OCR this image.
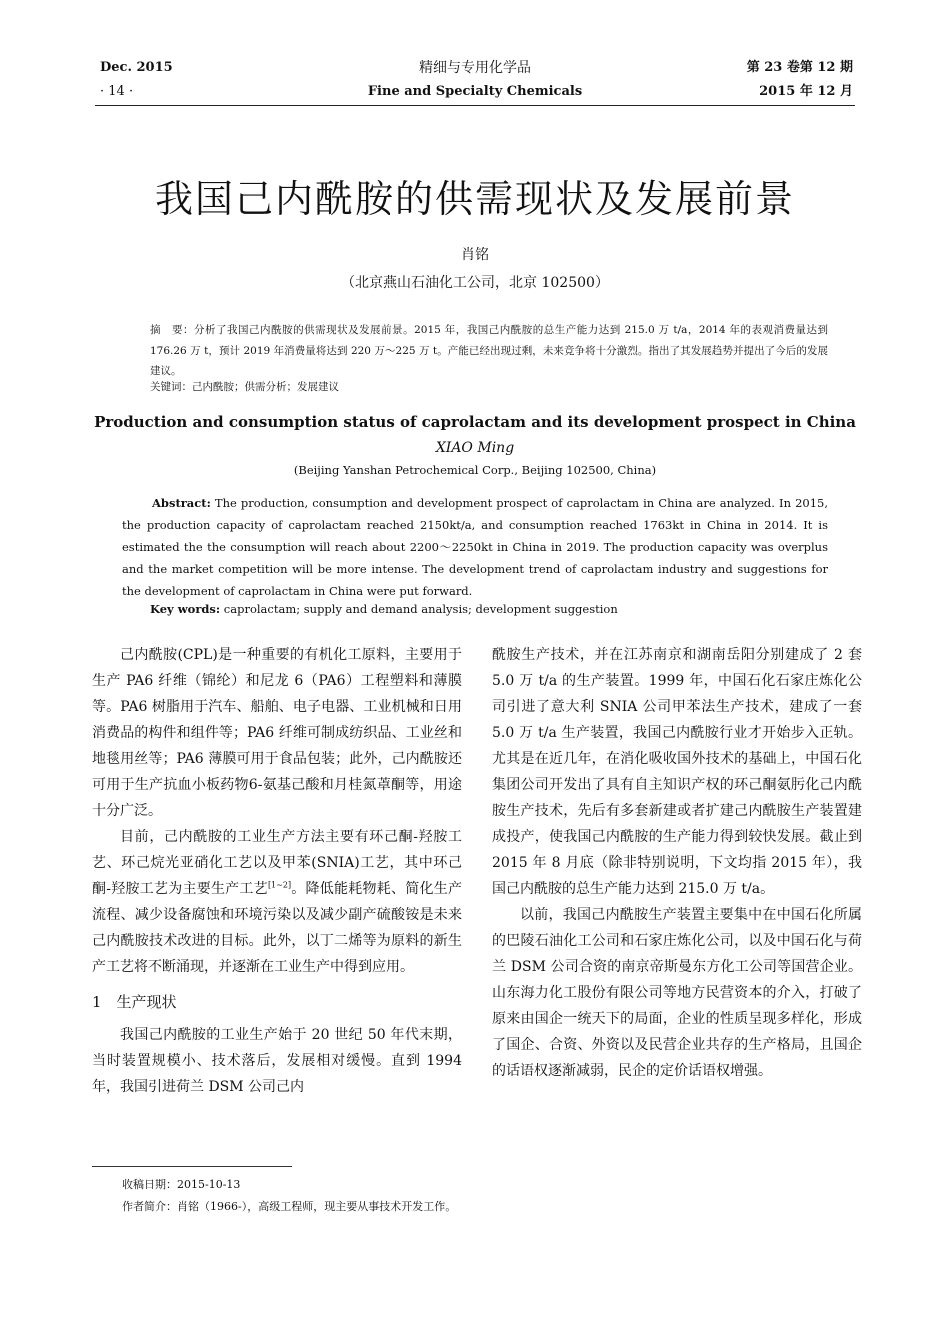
Dec. 2015
· 14 ·
精细与专用化学品
Fine and Specialty Chemicals
第 23 卷第 12 期
2015 年 12 月
我国己内酰胺的供需现状及发展前景
肖铭
（北京燕山石油化工公司，北京 102500）
摘　要：分析了我国己内酰胺的供需现状及发展前景。2015 年，我国己内酰胺的总生产能力达到 215.0 万 t/a，2014 年的表观消费量达到 176.26 万 t，预计 2019 年消费量将达到 220 万～225 万 t。产能已经出现过剩，未来竞争将十分激烈。指出了其发展趋势并提出了今后的发展建议。
关键词：己内酰胺；供需分析；发展建议
Production and consumption status of caprolactam and its development prospect in China
XIAO Ming
(Beijing Yanshan Petrochemical Corp., Beijing 102500, China)
Abstract: The production, consumption and development prospect of caprolactam in China are analyzed. In 2015, the production capacity of caprolactam reached 2150kt/a, and consumption reached 1763kt in China in 2014. It is estimated the the consumption will reach about 2200～2250kt in China in 2019. The production capacity was overplus and the market competition will be more intense. The development trend of caprolactam industry and suggestions for the development of caprolactam in China were put forward.
Key words: caprolactam; supply and demand analysis; development suggestion

己内酰胺(CPL)是一种重要的有机化工原料，主要用于生产 PA6 纤维（锦纶）和尼龙 6（PA6）工程塑料和薄膜等。PA6 树脂用于汽车、船舶、电子电器、工业机械和日用消费品的构件和组件等；PA6 纤维可制成纺织品、工业丝和地毯用丝等；PA6 薄膜可用于食品包装；此外，己内酰胺还可用于生产抗血小板药物6-氨基己酸和月桂氮䓬酮等，用途十分广泛。

目前，己内酰胺的工业生产方法主要有环己酮-羟胺工艺、环己烷光亚硝化工艺以及甲苯(SNIA)工艺，其中环己酮-羟胺工艺为主要生产工艺[1~2]。降低能耗物耗、简化生产流程、减少设备腐蚀和环境污染以及减少副产硫酸铵是未来己内酰胺技术改进的目标。此外，以丁二烯等为原料的新生产工艺将不断涌现，并逐渐在工业生产中得到应用。

1　生产现状

我国己内酰胺的工业生产始于 20 世纪 50 年代末期，当时装置规模小、技术落后，发展相对缓慢。直到 1994 年，我国引进荷兰 DSM 公司己内

酰胺生产技术，并在江苏南京和湖南岳阳分别建成了 2 套 5.0 万 t/a 的生产装置。1999 年，中国石化石家庄炼化公司引进了意大利 SNIA 公司甲苯法生产技术，建成了一套 5.0 万 t/a 生产装置，我国己内酰胺行业才开始步入正轨。尤其是在近几年，在消化吸收国外技术的基础上，中国石化集团公司开发出了具有自主知识产权的环己酮氨肟化己内酰胺生产技术，先后有多套新建或者扩建己内酰胺生产装置建成投产，使我国己内酰胺的生产能力得到较快发展。截止到 2015 年 8 月底（除非特别说明，下文均指 2015 年），我国己内酰胺的总生产能力达到 215.0 万 t/a。

以前，我国己内酰胺生产装置主要集中在中国石化所属的巴陵石油化工公司和石家庄炼化公司，以及中国石化与荷兰 DSM 公司合资的南京帝斯曼东方化工公司等国营企业。山东海力化工股份有限公司等地方民营资本的介入，打破了原来由国企一统天下的局面，企业的性质呈现多样化，形成了国企、合资、外资以及民营企业共存的生产格局，且国企的话语权逐渐减弱，民企的定价话语权增强。

收稿日期：2015-10-13
作者简介：肖铭（1966-），高级工程师，现主要从事技术开发工作。
